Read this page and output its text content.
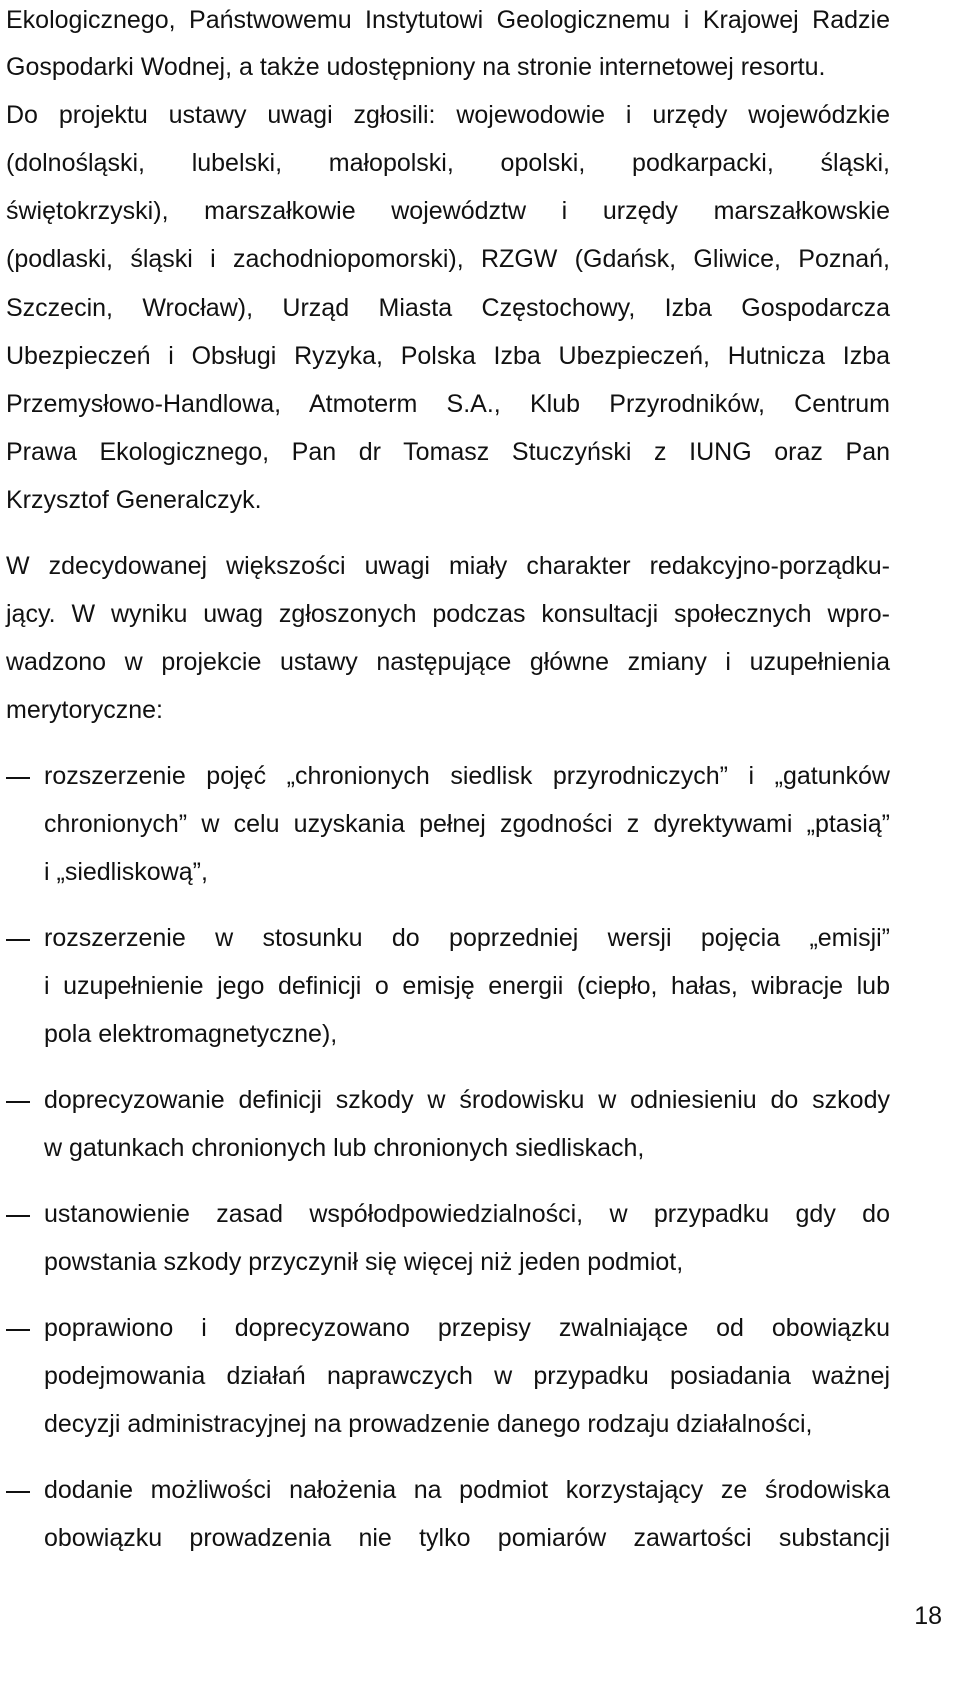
Ekologicznego, Państwowemu Instytutowi Geologicznemu i Krajowej Radzie
Gospodarki Wodnej, a także udostępniony na stronie internetowej resortu.
Do projektu ustawy uwagi zgłosili: wojewodowie i urzędy wojewódzkie
(dolnośląski, lubelski, małopolski, opolski, podkarpacki, śląski,
świętokrzyski), marszałkowie województw i urzędy marszałkowskie
(podlaski, śląski i zachodniopomorski), RZGW (Gdańsk, Gliwice, Poznań,
Szczecin, Wrocław), Urząd Miasta Częstochowy, Izba Gospodarcza
Ubezpieczeń i Obsługi Ryzyka, Polska Izba Ubezpieczeń, Hutnicza Izba
Przemysłowo-Handlowa, Atmoterm S.A., Klub Przyrodników, Centrum
Prawa Ekologicznego, Pan dr Tomasz Stuczyński z IUNG oraz Pan
Krzysztof Generalczyk.
W zdecydowanej większości uwagi miały charakter redakcyjno-porządku-
jący. W wyniku uwag zgłoszonych podczas konsultacji społecznych wpro-
wadzono w projekcie ustawy następujące główne zmiany i uzupełnienia
merytoryczne:
rozszerzenie pojęć „chronionych siedlisk przyrodniczych” i „gatunków
chronionych” w celu uzyskania pełnej zgodności z dyrektywami „ptasią”
i „siedliskową”,
rozszerzenie w stosunku do poprzedniej wersji pojęcia „emisji”
i uzupełnienie jego definicji o emisję energii (ciepło, hałas, wibracje lub
pola elektromagnetyczne),
doprecyzowanie definicji szkody w środowisku w odniesieniu do szkody
w gatunkach chronionych lub chronionych siedliskach,
ustanowienie zasad współodpowiedzialności, w przypadku gdy do
powstania szkody przyczynił się więcej niż jeden podmiot,
poprawiono i doprecyzowano przepisy zwalniające od obowiązku
podejmowania działań naprawczych w przypadku posiadania ważnej
decyzji administracyjnej na prowadzenie danego rodzaju działalności,
dodanie możliwości nałożenia na podmiot korzystający ze środowiska
obowiązku prowadzenia nie tylko pomiarów zawartości substancji
18
